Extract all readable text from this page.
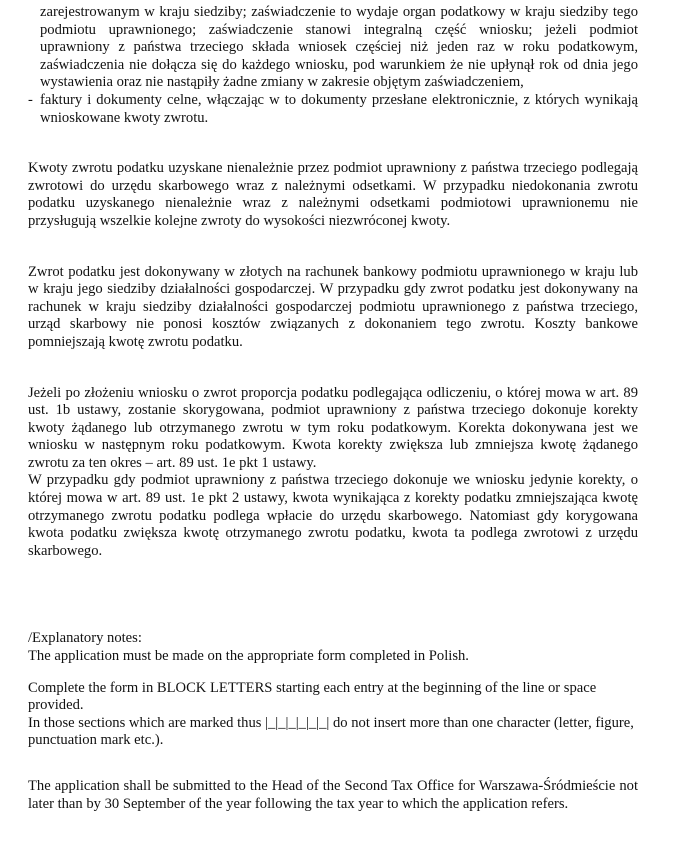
zarejestrowanym w kraju siedziby; zaświadczenie to wydaje organ podatkowy w kraju siedziby tego podmiotu uprawnionego; zaświadczenie stanowi integralną część wniosku; jeżeli podmiot uprawniony z państwa trzeciego składa wniosek częściej niż jeden raz w roku podatkowym, zaświadczenia nie dołącza się do każdego wniosku, pod warunkiem że nie upłynął rok od dnia jego wystawienia oraz nie nastąpiły żadne zmiany w zakresie objętym zaświadczeniem,

- faktury i dokumenty celne, włączając w to dokumenty przesłane elektronicznie, z których wynikają wnioskowane kwoty zwrotu.

Kwoty zwrotu podatku uzyskane nienależnie przez podmiot uprawniony z państwa trzeciego podlegają zwrotowi do urzędu skarbowego wraz z należnymi odsetkami. W przypadku niedokonania zwrotu podatku uzyskanego nienależnie wraz z należnymi odsetkami podmiotowi uprawnionemu nie przysługują wszelkie kolejne zwroty do wysokości niezwróconej kwoty.

Zwrot podatku jest dokonywany w złotych na rachunek bankowy podmiotu uprawnionego w kraju lub w kraju jego siedziby działalności gospodarczej. W przypadku gdy zwrot podatku jest dokonywany na rachunek w kraju siedziby działalności gospodarczej podmiotu uprawnionego z państwa trzeciego, urząd skarbowy nie ponosi kosztów związanych z dokonaniem tego zwrotu. Koszty bankowe pomniejszają kwotę zwrotu podatku.

Jeżeli po złożeniu wniosku o zwrot proporcja podatku podlegająca odliczeniu, o której mowa w art. 89 ust. 1b ustawy, zostanie skorygowana, podmiot uprawniony z państwa trzeciego dokonuje korekty kwoty żądanego lub otrzymanego zwrotu w tym roku podatkowym. Korekta dokonywana jest we wniosku w następnym roku podatkowym. Kwota korekty zwiększa lub zmniejsza kwotę żądanego zwrotu za ten okres – art. 89 ust. 1e pkt 1 ustawy.

W przypadku gdy podmiot uprawniony z państwa trzeciego dokonuje we wniosku jedynie korekty, o której mowa w art. 89 ust. 1e pkt 2 ustawy, kwota wynikająca z korekty podatku zmniejszająca kwotę otrzymanego zwrotu podatku podlega wpłacie do urzędu skarbowego. Natomiast gdy korygowana kwota podatku zwiększa kwotę otrzymanego zwrotu podatku, kwota ta podlega zwrotowi z urzędu skarbowego.

/Explanatory notes:

The application must be made on the appropriate form completed in Polish.

Complete the form in BLOCK LETTERS starting each entry at the beginning of the line or space provided.

In those sections which are marked thus |_|_|_|_|_|_| do not insert more than one character (letter, figure, punctuation mark etc.).

The application shall be submitted to the Head of the Second Tax Office for Warszawa-Śródmieście not later than by 30 September of the year following the tax year to which the application refers.
